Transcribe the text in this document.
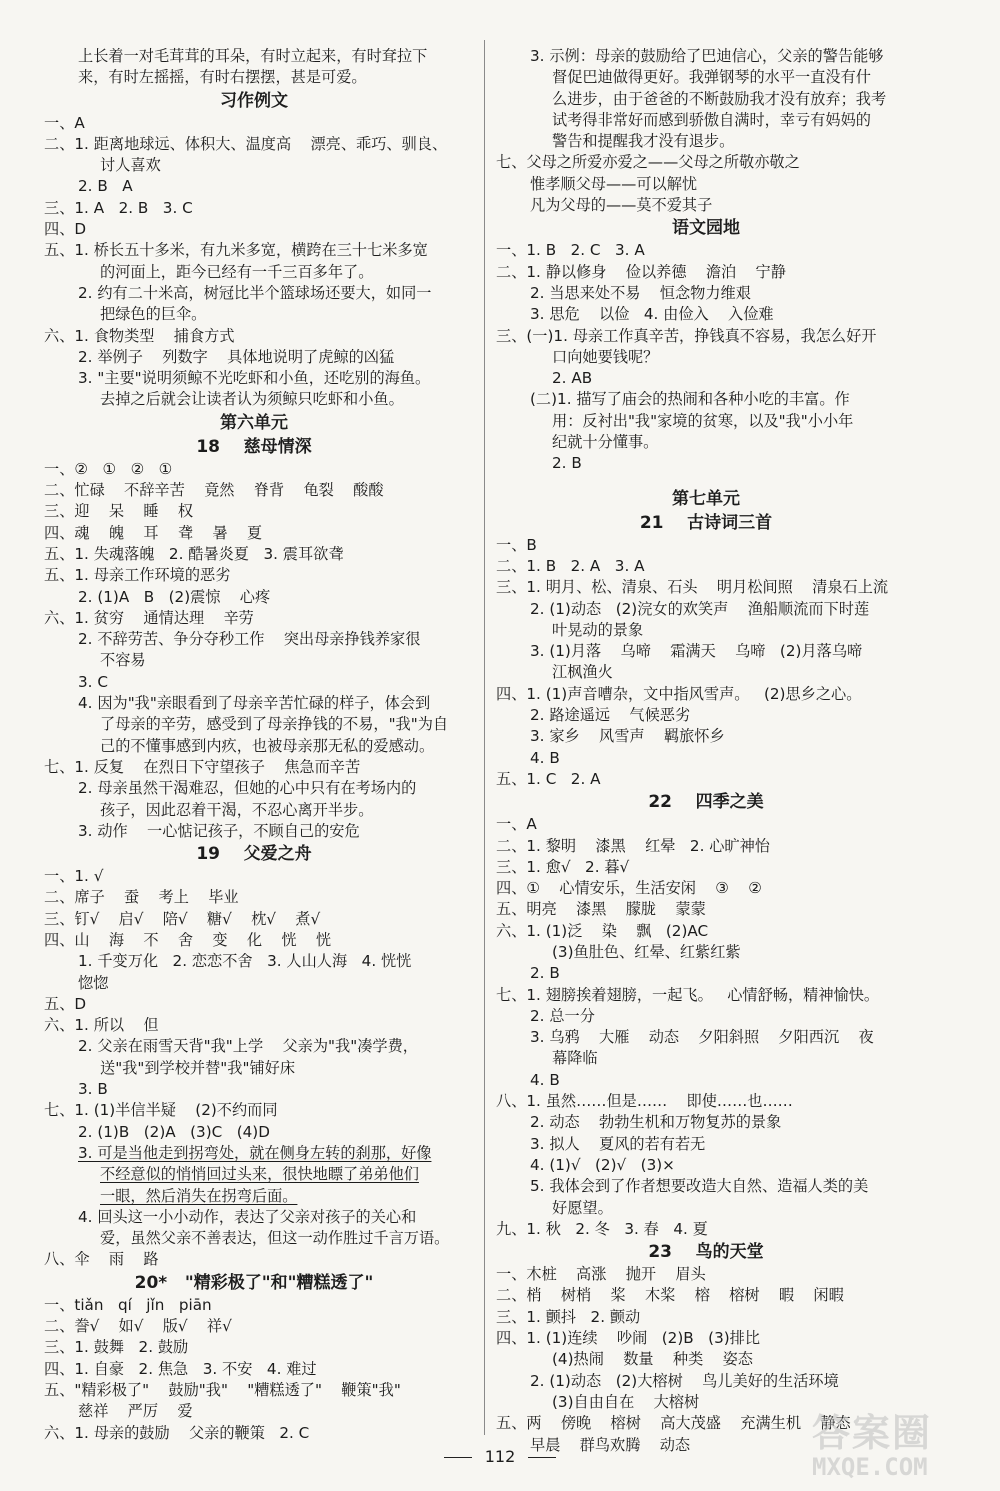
上长着一对毛茸茸的耳朵，有时立起来，有时耷拉下
来，有时左摇摇，有时右摆摆，甚是可爱。
习作例文
一、A
二、1. 距离地球远、体积大、温度高    漂亮、乖巧、驯良、
讨人喜欢
2. B   A
三、1. A   2. B   3. C
四、D
五、1. 桥长五十多米，有九米多宽，横跨在三十七米多宽
的河面上，距今已经有一千三百多年了。
2. 约有二十米高，树冠比半个篮球场还要大，如同一
把绿色的巨伞。
六、1. 食物类型    捕食方式
2. 举例子    列数字    具体地说明了虎鲸的凶猛
3. "主要"说明须鲸不光吃虾和小鱼，还吃别的海鱼。
去掉之后就会让读者认为须鲸只吃虾和小鱼。
第六单元
18    慈母情深
一、②   ①   ②   ①
二、忙碌    不辞辛苦    竟然    脊背    龟裂    酸酸
三、迎    呆    睡    权
四、魂    魄    耳    聋    暑    夏
五、1. 失魂落魄   2. 酷暑炎夏   3. 震耳欲聋
五、1. 母亲工作环境的恶劣
2. (1)A   B   (2)震惊    心疼
六、1. 贫穷    通情达理    辛劳
2. 不辞劳苦、争分夺秒工作    突出母亲挣钱养家很
不容易
3. C
4. 因为"我"亲眼看到了母亲辛苦忙碌的样子，体会到
了母亲的辛劳，感受到了母亲挣钱的不易，"我"为自
己的不懂事感到内疚，也被母亲那无私的爱感动。
七、1. 反复    在烈日下守望孩子    焦急而辛苦
2. 母亲虽然干渴难忍，但她的心中只有在考场内的
孩子，因此忍着干渴，不忍心离开半步。
3. 动作    一心惦记孩子，不顾自己的安危
19    父爱之舟
一、1. √
二、席子    蚕    考上    毕业
三、钉√    启√    陪√    糖√    枕√    煮√
四、山    海    不    舍    变    化    恍    恍
1. 千变万化   2. 恋恋不舍   3. 人山人海   4. 恍恍
惚惚
五、D
六、1. 所以    但
2. 父亲在雨雪天背"我"上学    父亲为"我"凑学费，
送"我"到学校并替"我"铺好床
3. B
七、1. (1)半信半疑    (2)不约而同
2. (1)B   (2)A   (3)C   (4)D
3. 可是当他走到拐弯处，就在侧身左转的刹那，好像
不经意似的悄悄回过头来，很快地瞟了弟弟他们
一眼，然后消失在拐弯后面。
4. 回头这一小小动作，表达了父亲对孩子的关心和
爱，虽然父亲不善表达，但这一动作胜过千言万语。
八、伞    雨    路
20*   "精彩极了"和"糟糕透了"
一、tiǎn   qí   jǐn   piān
二、誊√    如√    版√    祥√
三、1. 鼓舞   2. 鼓励
四、1. 自豪   2. 焦急   3. 不安   4. 难过
五、"精彩极了"    鼓励"我"    "糟糕透了"    鞭策"我"
慈祥    严厉    爱
六、1. 母亲的鼓励    父亲的鞭策   2. C
3. 示例：母亲的鼓励给了巴迪信心，父亲的警告能够
督促巴迪做得更好。我弹钢琴的水平一直没有什
么进步，由于爸爸的不断鼓励我才没有放弃；我考
试考得非常好而感到骄傲自满时，幸亏有妈妈的
警告和提醒我才没有退步。
七、父母之所爱亦爱之——父母之所敬亦敬之
惟孝顺父母——可以解忧
凡为父母的——莫不爱其子
语文园地
一、1. B   2. C   3. A
二、1. 静以修身    俭以养德    澹泊    宁静
2. 当思来处不易    恒念物力维艰
3. 思危    以俭   4. 由俭入    入俭难
三、(一)1. 母亲工作真辛苦，挣钱真不容易，我怎么好开
口向她要钱呢？
2. AB
(二)1. 描写了庙会的热闹和各种小吃的丰富。作
用：反衬出"我"家境的贫寒，以及"我"小小年
纪就十分懂事。
2. B
第七单元
21    古诗词三首
一、B
二、1. B   2. A   3. A
三、1. 明月、松、清泉、石头    明月松间照    清泉石上流
2. (1)动态   (2)浣女的欢笑声    渔船顺流而下时莲
叶晃动的景象
3. (1)月落    乌啼    霜满天    乌啼   (2)月落乌啼
江枫渔火
四、1. (1)声音嘈杂，文中指风雪声。   (2)思乡之心。
2. 路途遥远    气候恶劣
3. 家乡    风雪声    羁旅怀乡
4. B
五、1. C   2. A
22    四季之美
一、A
二、1. 黎明    漆黑    红晕   2. 心旷神怡
三、1. 愈√   2. 暮√
四、①    心情安乐，生活安闲    ③    ②
五、明亮    漆黑    朦胧    蒙蒙
六、1. (1)泛    染    飘   (2)AC
(3)鱼肚色、红晕、红紫红紫
2. B
七、1. 翅膀挨着翅膀，一起飞。   心情舒畅，精神愉快。
2. 总一分
3. 乌鸦    大雁    动态    夕阳斜照    夕阳西沉    夜
幕降临
4. B
八、1. 虽然……但是……    即使……也……
2. 动态    勃勃生机和万物复苏的景象
3. 拟人    夏风的若有若无
4. (1)√   (2)√   (3)×
5. 我体会到了作者想要改造大自然、造福人类的美
好愿望。
九、1. 秋   2. 冬   3. 春   4. 夏
23    鸟的天堂
一、木桩    高涨    抛开    眉头
二、梢    树梢    桨    木桨    榕    榕树    暇    闲暇
三、1. 颤抖   2. 颤动
四、1. (1)连续    吵闹   (2)B   (3)排比
(4)热闹    数量    种类    姿态
2. (1)动态   (2)大榕树    鸟儿美好的生活环境
(3)自由自在    大榕树
五、两    傍晚    榕树    高大茂盛    充满生机    静态
早晨    群鸟欢腾    动态
112
答案圈
MXQE.COM
